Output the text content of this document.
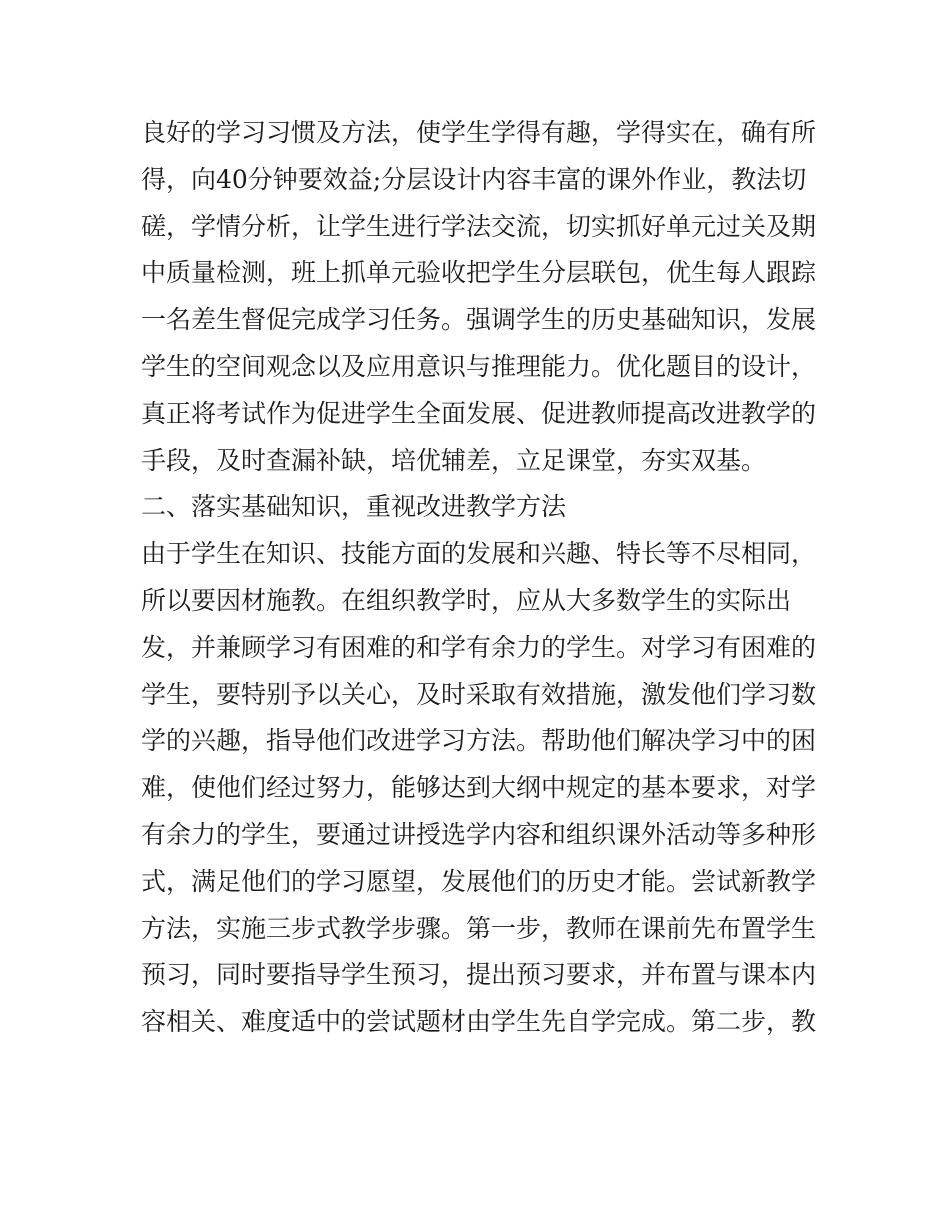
良好的学习习惯及方法，使学生学得有趣，学得实在，确有所
得，向40分钟要效益;分层设计内容丰富的课外作业，教法切
磋，学情分析，让学生进行学法交流，切实抓好单元过关及期
中质量检测，班上抓单元验收把学生分层联包，优生每人跟踪
一名差生督促完成学习任务。强调学生的历史基础知识，发展
学生的空间观念以及应用意识与推理能力。优化题目的设计，
真正将考试作为促进学生全面发展、促进教师提高改进教学的
手段，及时查漏补缺，培优辅差，立足课堂，夯实双基。
二、落实基础知识，重视改进教学方法
由于学生在知识、技能方面的发展和兴趣、特长等不尽相同，
所以要因材施教。在组织教学时，应从大多数学生的实际出
发，并兼顾学习有困难的和学有余力的学生。对学习有困难的
学生，要特别予以关心，及时采取有效措施，激发他们学习数
学的兴趣，指导他们改进学习方法。帮助他们解决学习中的困
难，使他们经过努力，能够达到大纲中规定的基本要求，对学
有余力的学生，要通过讲授选学内容和组织课外活动等多种形
式，满足他们的学习愿望，发展他们的历史才能。尝试新教学
方法，实施三步式教学步骤。第一步，教师在课前先布置学生
预习，同时要指导学生预习，提出预习要求，并布置与课本内
容相关、难度适中的尝试题材由学生先自学完成。第二步，教
